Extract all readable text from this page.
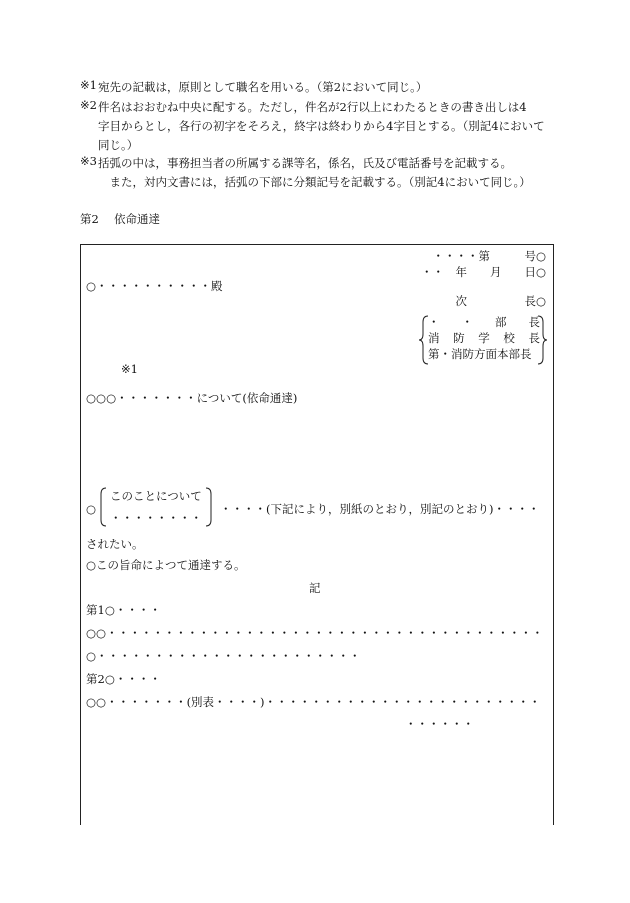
※1 宛先の記載は，原則として職名を用いる。（第2において同じ。）

※2 件名はおおむね中央に配する。ただし，件名が2行以上にわたるときの書き出しは4

字目からとし，各行の初字をそろえ，終字は終わりから4字目とする。（別記4において

同じ。）

※3 括弧の中は，事務担当者の所属する課等名，係名，氏及び電話番号を記載する。

　また，対内文書には，括弧の下部に分類記号を記載する。（別記4において同じ。）

第2　 依命通達
・・・・第　　　号○
・・　年　　月　　日○
○・・・・・・・・・・殿
次　　　　　長○
・　・　部　長
消　防　学　校　長
第・消防方面本部長
※1
○○○・・・・・・・について(依命通達)
○
このことについて
・・・・・・・・
・・・・(下記により，別紙のとおり，別記のとおり)・・・・
されたい。
○この旨命によつて通達する。
記
第1○・・・・
○○・・・・・・・・・・・・・・・・・・・・・・・・・・・・・・・・・・・・・・
○・・・・・・・・・・・・・・・・・・・・・・・
第2○・・・・
○○・・・・・・・(別表・・・・)・・・・・・・・・・・・・・・・・・・・・・・・
・・・・・・
